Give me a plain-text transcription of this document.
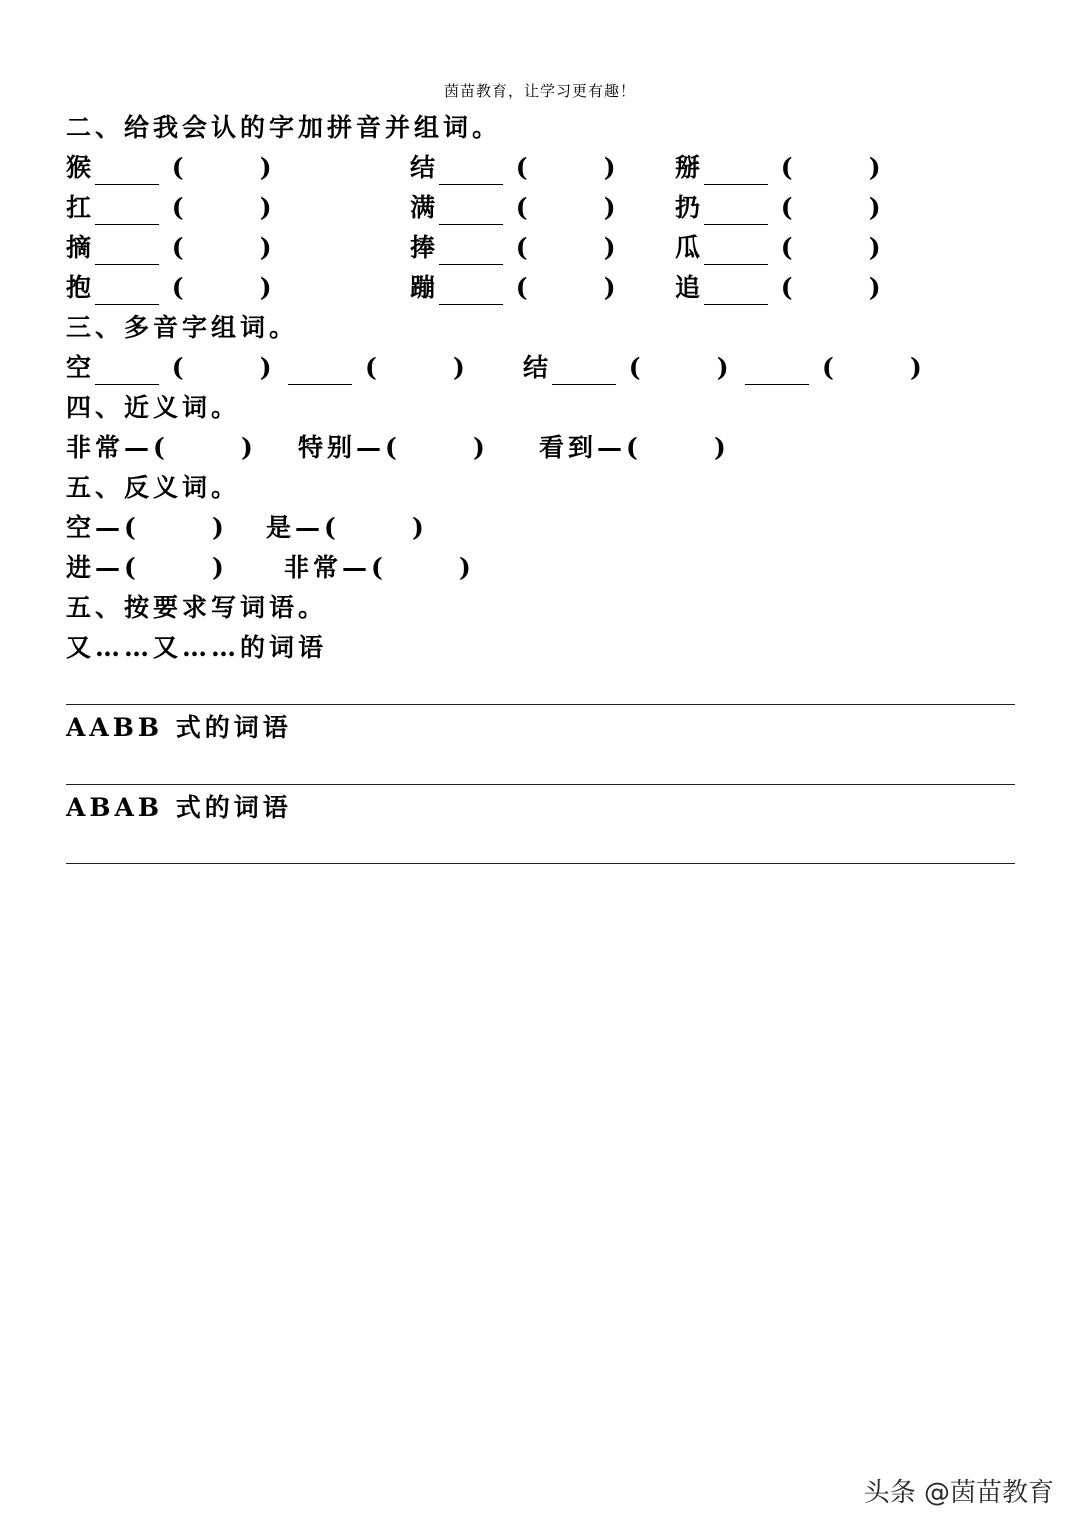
茵苗教育，让学习更有趣！
二、给我会认的字加拼音并组词。
猴	(	)	结	(	) 掰	(	)
扛	(	)	满	(	) 扔	(	)
摘	(	)	捧	(	) 瓜	(	)
抱	(	)	蹦	(	) 追	(	)
三、多音字组词。
空	(	)	(	) 结	(	)	(	)
四、近义词。
非常—(	) 特别—(	) 看到—(	)
五、反义词。
空—(	) 是—(	)
进—(	) 非常—(	)
五、按要求写词语。
又……又……的词语
AABB 式的词语
ABAB 式的词语
头条 @茵苗教育
